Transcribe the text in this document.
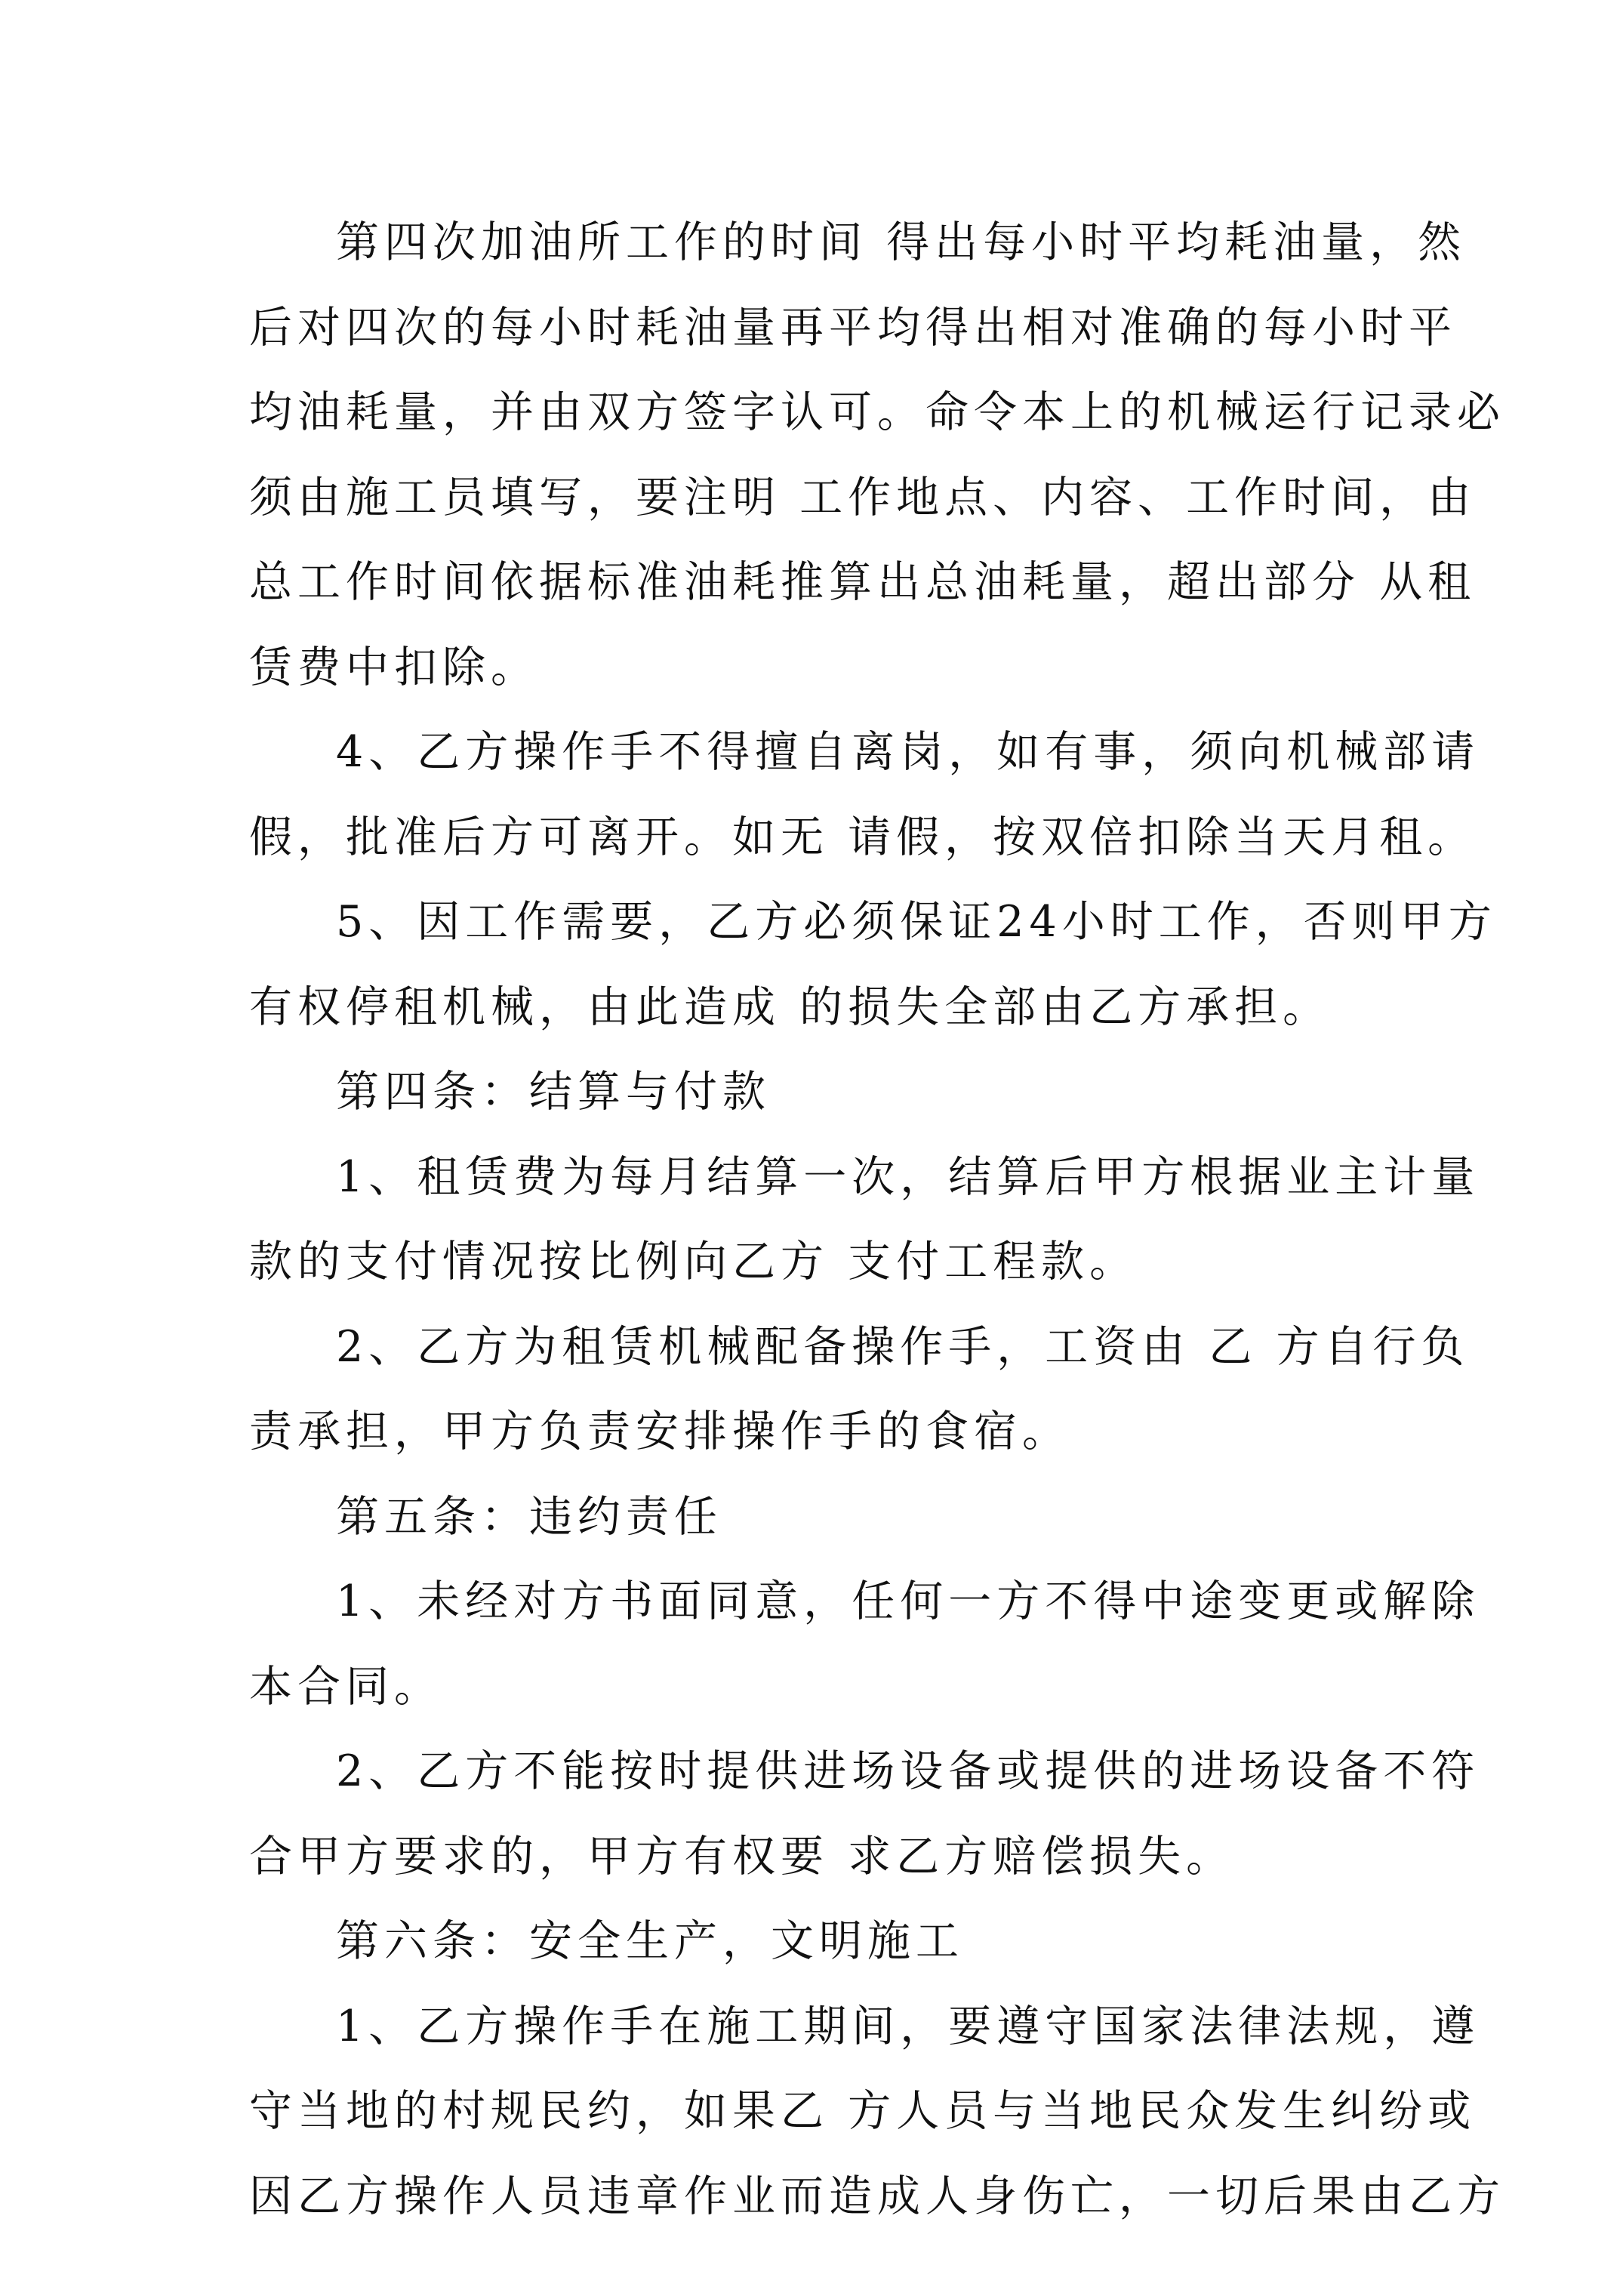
第四次加油所工作的时间 得出每小时平均耗油量，然
后对四次的每小时耗油量再平均得出相对准确的每小时平
均油耗量，并由双方签字认可。命令本上的机械运行记录必
须由施工员填写，要注明 工作地点、内容、工作时间，由
总工作时间依据标准油耗推算出总油耗量，超出部分 从租
赁费中扣除。
4、乙方操作手不得擅自离岗，如有事，须向机械部请
假，批准后方可离开。如无 请假，按双倍扣除当天月租。
5、因工作需要，乙方必须保证24小时工作，否则甲方
有权停租机械，由此造成 的损失全部由乙方承担。
第四条：结算与付款
1、租赁费为每月结算一次，结算后甲方根据业主计量
款的支付情况按比例向乙方 支付工程款。
2、乙方为租赁机械配备操作手，工资由 乙 方自行负
责承担，甲方负责安排操作手的食宿。
第五条：违约责任
1、未经对方书面同意，任何一方不得中途变更或解除
本合同。
2、乙方不能按时提供进场设备或提供的进场设备不符
合甲方要求的，甲方有权要 求乙方赔偿损失。
第六条：安全生产，文明施工
1、乙方操作手在施工期间，要遵守国家法律法规，遵
守当地的村规民约，如果乙 方人员与当地民众发生纠纷或
因乙方操作人员违章作业而造成人身伤亡，一切后果由乙方
